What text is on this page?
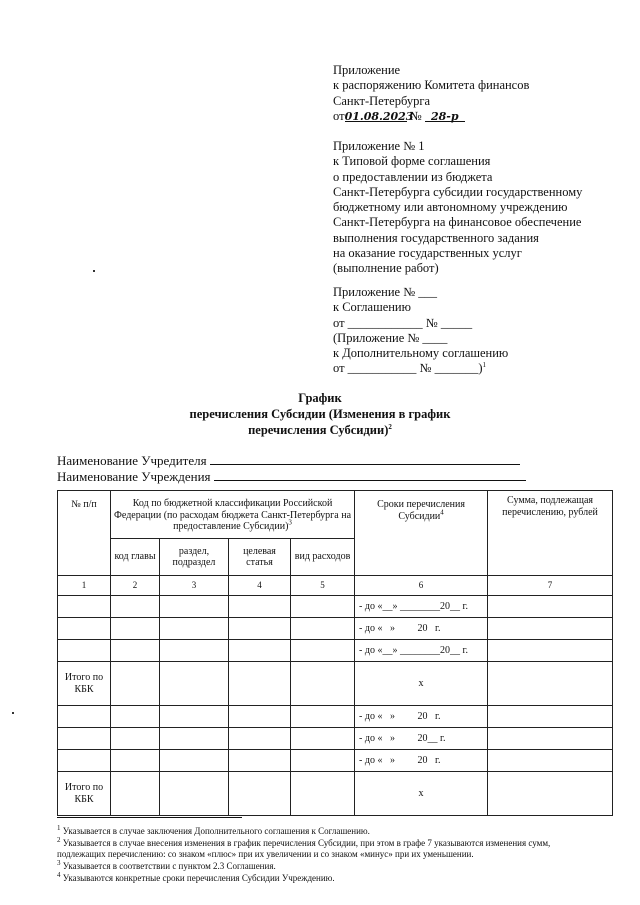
Приложение
к распоряжению Комитета финансов
Санкт-Петербурга
от01.08.2023 № 28-р
Приложение № 1
к Типовой форме соглашения
о предоставлении из бюджета
Санкт-Петербурга субсидии государственному
бюджетному или автономному учреждению
Санкт-Петербурга на финансовое обеспечение
выполнения государственного задания
на оказание государственных услуг
(выполнение работ)
Приложение № ___
к Соглашению
от ____________ № _____
(Приложение № ____
к Дополнительному соглашению
от ___________ № _______)$^1$
График
перечисления Субсидии (Изменения в график
перечисления Субсидии)$^2$
Наименование Учредителя
Наименование Учреждения
№ п/п	Код по бюджетной классификации Российской Федерации (по расходам бюджета Санкт-Петербурга на предоставление Субсидии)$^3$				Сроки перечисления Субсидии$^4$	Сумма, подлежащая перечислению, рублей
	код главы	раздел, подраздел	целевая статья	вид расходов		
1	2	3	4	5	6	7
					- до «__» ________20__ г.	
					- до «   »         20   г.	
					- до «__» ________20__ г.	
Итого по КБК					x	
					- до «   »         20   г.	
					- до «   »         20__ г.	
					- до «   »         20   г.	
Итого по КБК					x	
$^1$ Указывается в случае заключения Дополнительного соглашения к Соглашению.
$^2$ Указывается в случае внесения изменения в график перечисления Субсидии, при этом в графе 7 указываются изменения сумм,
подлежащих перечислению: со знаком «плюс» при их увеличении и со знаком «минус» при их уменьшении.
$^3$ Указывается в соответствии с пунктом 2.3 Соглашения.
$^4$ Указываются конкретные сроки перечисления Субсидии Учреждению.
